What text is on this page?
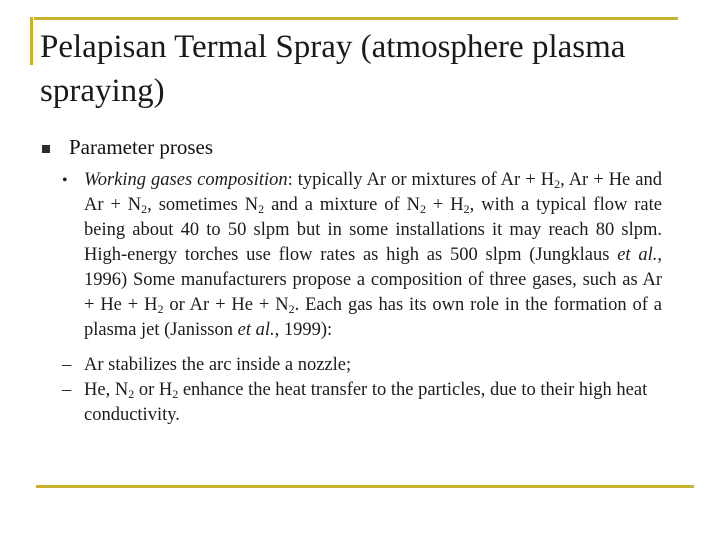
Pelapisan Termal Spray (atmosphere plasma spraying)
Parameter proses
• Working gases composition: typically Ar or mixtures of $Ar + H_2$, Ar + He and $Ar + N_2$, sometimes $N_2$ and a mixture of $N_2 + H_2$, with a typical flow rate being about 40 to 50 slpm but in some installations it may reach 80 slpm. High-energy torches use flow rates as high as 500 slpm (Jungklaus et al., 1996) Some manufacturers propose a composition of three gases, such as $Ar + He + H_2$ or $Ar + He + N_2$. Each gas has its own role in the formation of a plasma jet (Janisson et al., 1999):
– Ar stabilizes the arc inside a nozzle;
– He, $N_2$ or $H_2$ enhance the heat transfer to the particles, due to their high heat conductivity.
